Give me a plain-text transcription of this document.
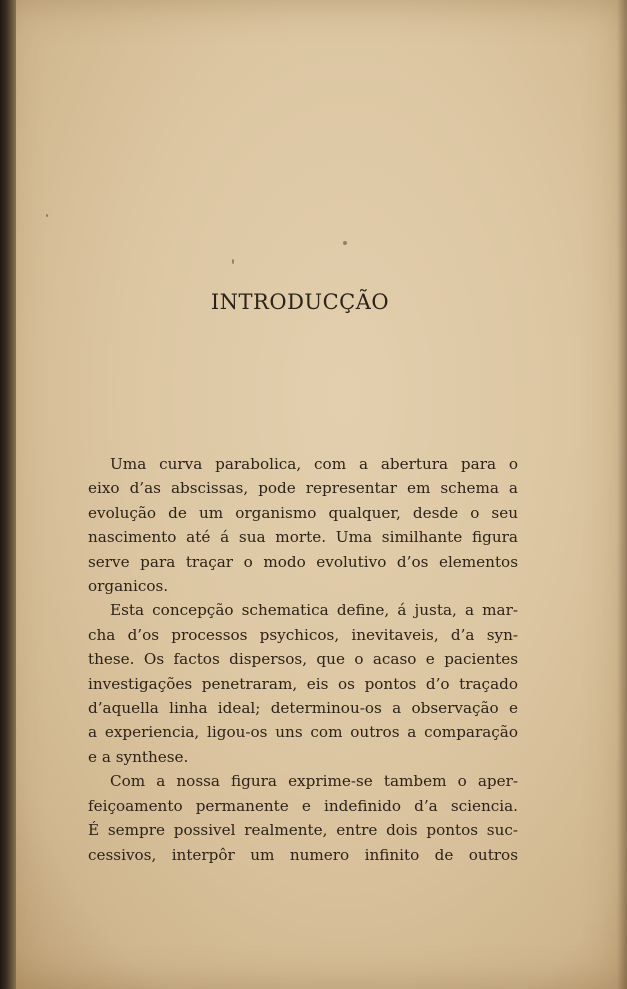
INTRODUCÇÃO
Uma curva parabolica, com a abertura para o
eixo d’as abscissas, pode representar em schema a
evolução de um organismo qualquer, desde o seu
nascimento até á sua morte. Uma similhante figura
serve para traçar o modo evolutivo d’os elementos
organicos.
Esta concepção schematica define, á justa, a mar-
cha d’os processos psychicos, inevitaveis, d’a syn-
these. Os factos dispersos, que o acaso e pacientes
investigações penetraram, eis os pontos d’o traçado
d’aquella linha ideal; determinou-os a observação e
a experiencia, ligou-os uns com outros a comparação
e a synthese.
Com a nossa figura exprime-se tambem o aper-
feiçoamento permanente e indefinido d’a sciencia.
É sempre possivel realmente, entre dois pontos suc-
cessivos, interpôr um numero infinito de outros
